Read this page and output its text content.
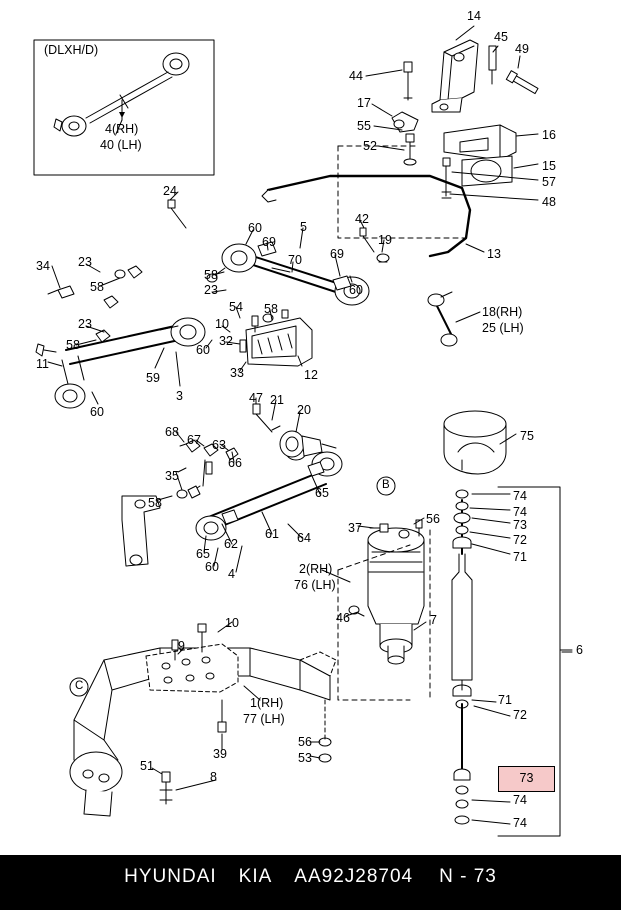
(DLXH/D)
4(RH)
40 (LH)
14
45
49
44
17
55
52
16
15
57
48
24
60	5
42
69	19
13
70 69
34 23
58	60
58
23
54 58	18(RH)
25 (LH)
23	10
58	32
60
11
59	33	12
3
60
47 21
20
75
68
67 63
35
66
74
74
73
72
71
58
65
64
37
56
61
62
65
60 4	2(RH)
76 (LH)
6
46	7
10
9
71
72
1(RH)
77 (LH)
56
53
39
51
8
74
74
B
C
73
HYUNDAI KIA AA92J28704 N - 73
